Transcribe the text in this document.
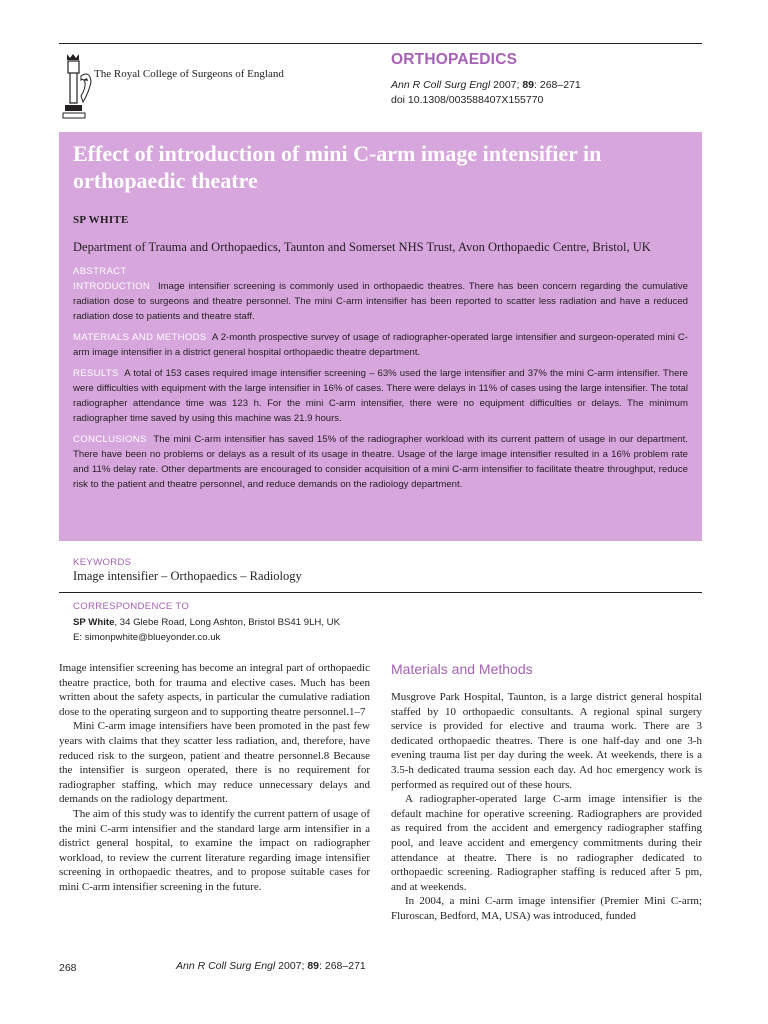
The Royal College of Surgeons of England
ORTHOPAEDICS
Ann R Coll Surg Engl 2007; 89: 268–271
doi 10.1308/003588407X155770
Effect of introduction of mini C-arm image intensifier in orthopaedic theatre
SP WHITE
Department of Trauma and Orthopaedics, Taunton and Somerset NHS Trust, Avon Orthopaedic Centre, Bristol, UK

ABSTRACT

INTRODUCTION Image intensifier screening is commonly used in orthopaedic theatres. There has been concern regarding the cumulative radiation dose to surgeons and theatre personnel. The mini C-arm intensifier has been reported to scatter less radiation and have a reduced radiation dose to patients and theatre staff.

MATERIALS AND METHODS A 2-month prospective survey of usage of radiographer-operated large intensifier and surgeon-operated mini C-arm image intensifier in a district general hospital orthopaedic theatre department.

RESULTS A total of 153 cases required image intensifier screening – 63% used the large intensifier and 37% the mini C-arm intensifier. There were difficulties with equipment with the large intensifier in 16% of cases. There were delays in 11% of cases using the large intensifier. The total radiographer attendance time was 123 h. For the mini C-arm intensifier, there were no equipment difficulties or delays. The minimum radiographer time saved by using this machine was 21.9 hours.

CONCLUSIONS The mini C-arm intensifier has saved 15% of the radiographer workload with its current pattern of usage in our department. There have been no problems or delays as a result of its usage in theatre. Usage of the large image intensifier resulted in a 16% problem rate and 11% delay rate. Other departments are encouraged to consider acquisition of a mini C-arm intensifier to facilitate theatre throughput, reduce risk to the patient and theatre personnel, and reduce demands on the radiology department.

KEYWORDS
Image intensifier – Orthopaedics – Radiology
CORRESPONDENCE TO
SP White, 34 Glebe Road, Long Ashton, Bristol BS41 9LH, UK
E: simonpwhite@blueyonder.co.uk

Image intensifier screening has become an integral part of orthopaedic theatre practice, both for trauma and elective cases. Much has been written about the safety aspects, in particular the cumulative radiation dose to the operating surgeon and to supporting theatre personnel.1–7

Mini C-arm image intensifiers have been promoted in the past few years with claims that they scatter less radiation, and, therefore, have reduced risk to the surgeon, patient and theatre personnel.8 Because the intensifier is surgeon operated, there is no requirement for radiographer staffing, which may reduce unnecessary delays and demands on the radiology department.

The aim of this study was to identify the current pattern of usage of the mini C-arm intensifier and the standard large arm intensifier in a district general hospital, to examine the impact on radiographer workload, to review the current literature regarding image intensifier screening in orthopaedic theatres, and to propose suitable cases for mini C-arm intensifier screening in the future.

Materials and Methods

Musgrove Park Hospital, Taunton, is a large district general hospital staffed by 10 orthopaedic consultants. A regional spinal surgery service is provided for elective and trauma work. There are 3 dedicated orthopaedic theatres. There is one half-day and one 3-h evening trauma list per day during the week. At weekends, there is a 3.5-h dedicated trauma session each day. Ad hoc emergency work is performed as required out of these hours.

A radiographer-operated large C-arm image intensifier is the default machine for operative screening. Radiographers are provided as required from the accident and emergency radiographer staffing pool, and leave accident and emergency commitments during their attendance at theatre. There is no radiographer dedicated to orthopaedic screening. Radiographer staffing is reduced after 5 pm, and at weekends.

In 2004, a mini C-arm image intensifier (Premier Mini C-arm; Fluroscan, Bedford, MA, USA) was introduced, funded

268	Ann R Coll Surg Engl 2007; 89: 268–271
